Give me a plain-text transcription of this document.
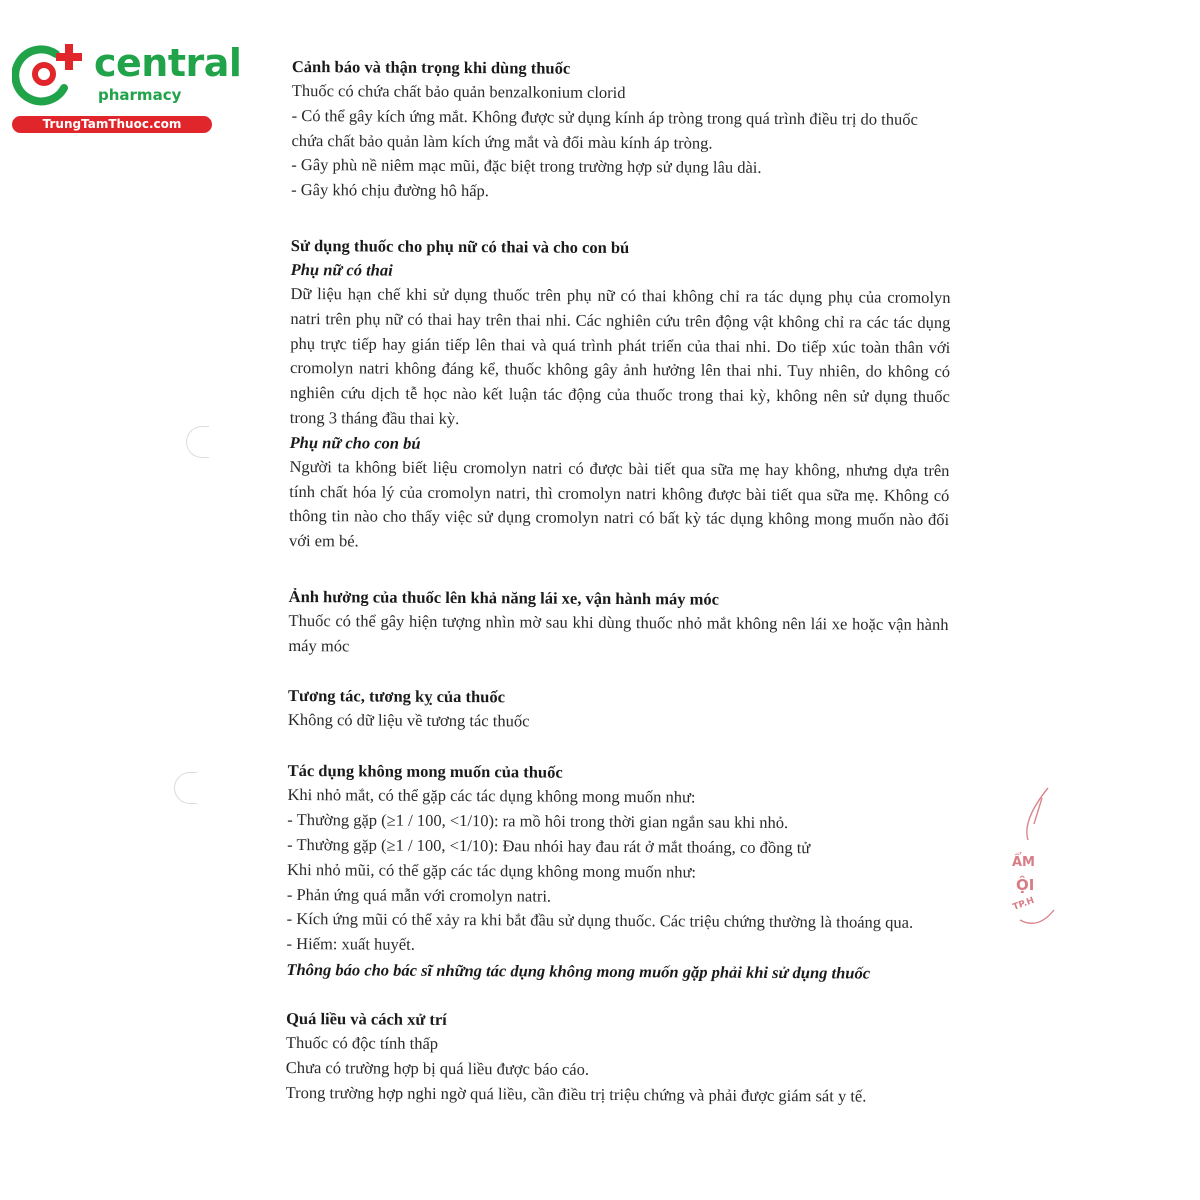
central
pharmacy
TrungTamThuoc.com
Cảnh báo và thận trọng khi dùng thuốc
Thuốc có chứa chất bảo quản benzalkonium clorid
- Có thể gây kích ứng mắt. Không được sử dụng kính áp tròng trong quá trình điều trị do thuốc chứa chất bảo quản làm kích ứng mắt và đổi màu kính áp tròng.
- Gây phù nề niêm mạc mũi, đặc biệt trong trường hợp sử dụng lâu dài.
- Gây khó chịu đường hô hấp.
Sử dụng thuốc cho phụ nữ có thai và cho con bú
Phụ nữ có thai

Dữ liệu hạn chế khi sử dụng thuốc trên phụ nữ có thai không chỉ ra tác dụng phụ của cromolyn natri trên phụ nữ có thai hay trên thai nhi. Các nghiên cứu trên động vật không chỉ ra các tác dụng phụ trực tiếp hay gián tiếp lên thai và quá trình phát triển của thai nhi. Do tiếp xúc toàn thân với cromolyn natri không đáng kể, thuốc không gây ảnh hưởng lên thai nhi. Tuy nhiên, do không có nghiên cứu dịch tễ học nào kết luận tác động của thuốc trong thai kỳ, không nên sử dụng thuốc trong 3 tháng đầu thai kỳ.

Phụ nữ cho con bú

Người ta không biết liệu cromolyn natri có được bài tiết qua sữa mẹ hay không, nhưng dựa trên tính chất hóa lý của cromolyn natri, thì cromolyn natri không được bài tiết qua sữa mẹ. Không có thông tin nào cho thấy việc sử dụng cromolyn natri có bất kỳ tác dụng không mong muốn nào đối với em bé.

Ảnh hưởng của thuốc lên khả năng lái xe, vận hành máy móc

Thuốc có thể gây hiện tượng nhìn mờ sau khi dùng thuốc nhỏ mắt không nên lái xe hoặc vận hành máy móc

Tương tác, tương kỵ của thuốc

Không có dữ liệu về tương tác thuốc

Tác dụng không mong muốn của thuốc
Khi nhỏ mắt, có thể gặp các tác dụng không mong muốn như:
- Thường gặp (≥1 / 100, <1/10): ra mồ hôi trong thời gian ngắn sau khi nhỏ.
- Thường gặp (≥1 / 100, <1/10): Đau nhói hay đau rát ở mắt thoáng, co đồng tử
Khi nhỏ mũi, có thể gặp các tác dụng không mong muốn như:
- Phản ứng quá mẫn với cromolyn natri.
- Kích ứng mũi có thể xảy ra khi bắt đầu sử dụng thuốc. Các triệu chứng thường là thoáng qua.
- Hiếm: xuất huyết.
Thông báo cho bác sĩ những tác dụng không mong muốn gặp phải khi sử dụng thuốc
Quá liều và cách xử trí
Thuốc có độc tính thấp
Chưa có trường hợp bị quá liều được báo cáo.
Trong trường hợp nghi ngờ quá liều, cần điều trị triệu chứng và phải được giám sát y tế.
ẨM
ỘI
TP.H
